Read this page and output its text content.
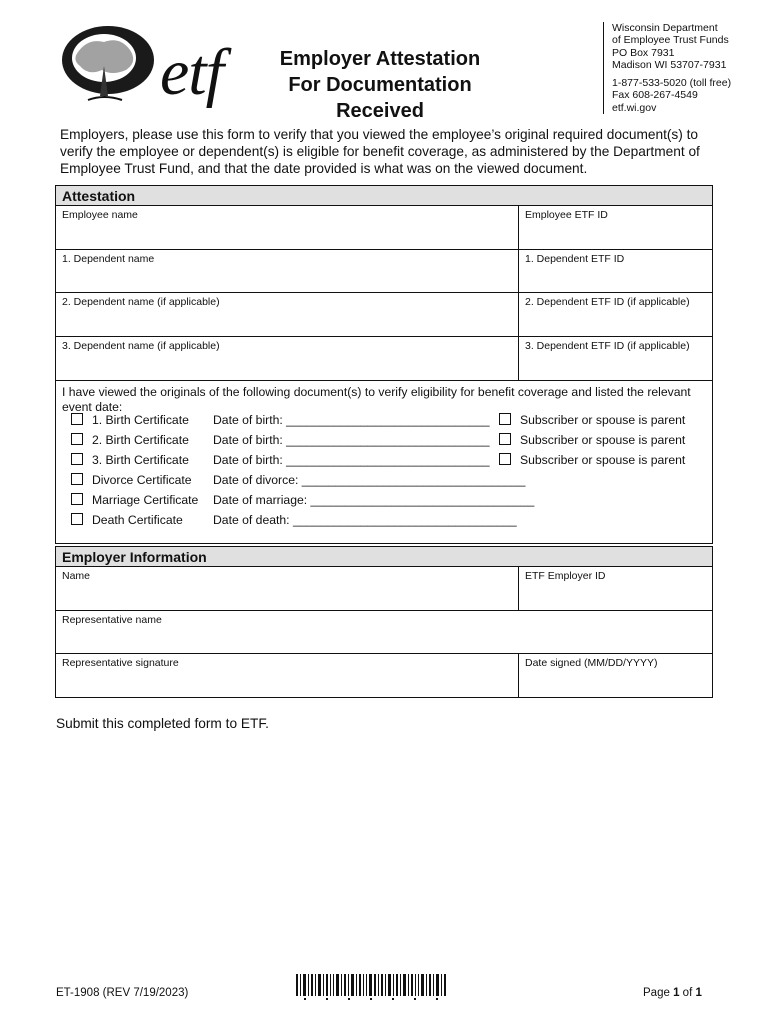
etf	Employer Attestation
For Documentation Received
Wisconsin Department
of Employee Trust Funds
PO Box 7931
Madison WI 53707-7931
1-877-533-5020 (toll free)
Fax 608-267-4549
etf.wi.gov
Employers, please use this form to verify that you viewed the employee’s original required document(s) to verify the employee or dependent(s) is eligible for benefit coverage, as administered by the Department of Employee Trust Fund, and that the date provided is what was on the viewed document.
Attestation
Employee name	Employee ETF ID
1. Dependent name	1. Dependent ETF ID
2. Dependent name (if applicable)	2. Dependent ETF ID (if applicable)
3. Dependent name (if applicable)	3. Dependent ETF ID (if applicable)
I have viewed the originals of the following document(s) to verify eligibility for benefit coverage and listed the relevant event date:
1. Birth Certificate Date of birth: ______________________________	Subscriber or spouse is parent
2. Birth Certificate Date of birth: ______________________________	Subscriber or spouse is parent
3. Birth Certificate Date of birth: ______________________________	Subscriber or spouse is parent
Divorce Certificate Date of divorce: _________________________________
Marriage Certificate Date of marriage: _________________________________
Death Certificate Date of death: _________________________________
Employer Information
Name	ETF Employer ID
Representative name
Representative signature	Date signed (MM/DD/YYYY)
Submit this completed form to ETF.
ET-1908 (REV 7/19/2023)	Page 1 of 1
